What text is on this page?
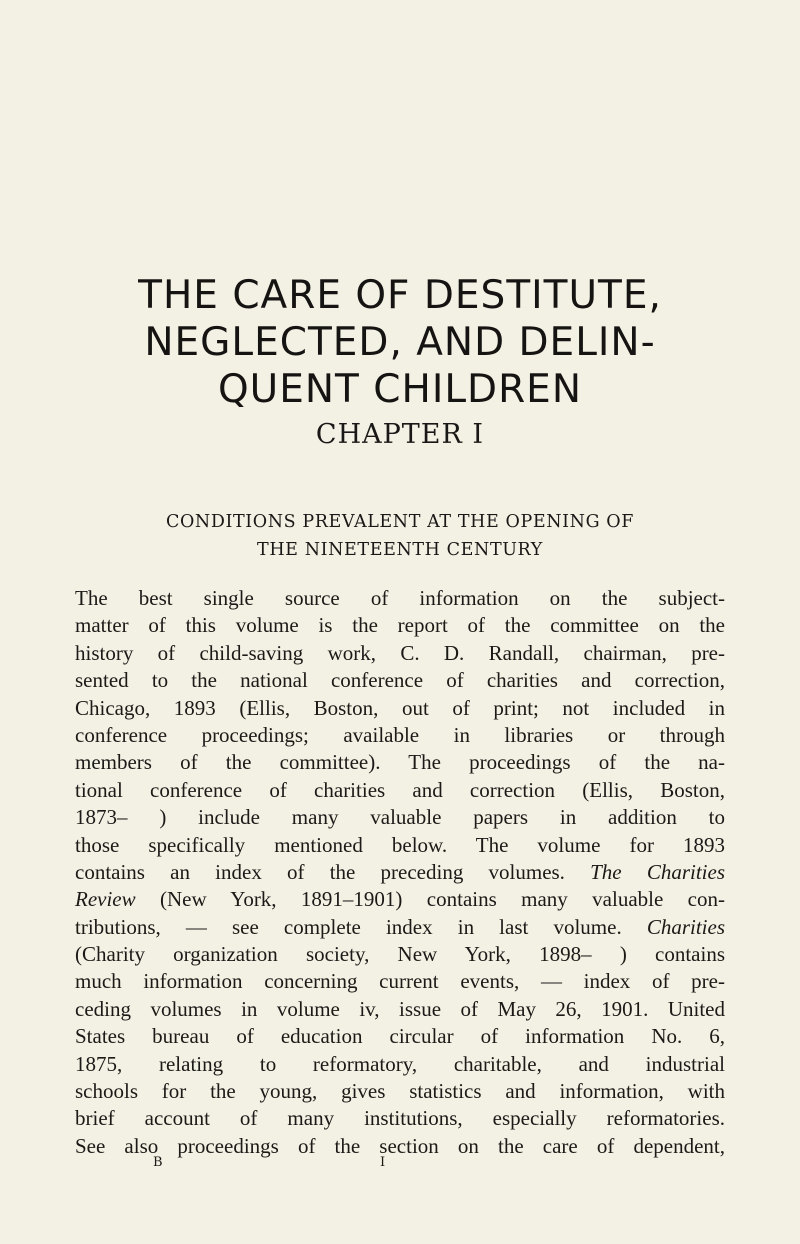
THE CARE OF DESTITUTE,
NEGLECTED, AND DELIN-
QUENT CHILDREN
CHAPTER I
CONDITIONS PREVALENT AT THE OPENING OF
THE NINETEENTH CENTURY
The best single source of information on the subject-
matter of this volume is the report of the committee on the
history of child-saving work, C. D. Randall, chairman, pre-
sented to the national conference of charities and correction,
Chicago, 1893 (Ellis, Boston, out of print; not included in
conference proceedings; available in libraries or through
members of the committee). The proceedings of the na-
tional conference of charities and correction (Ellis, Boston,
1873– ) include many valuable papers in addition to
those specifically mentioned below. The volume for 1893
contains an index of the preceding volumes. The Charities
Review (New York, 1891–1901) contains many valuable con-
tributions, — see complete index in last volume. Charities
(Charity organization society, New York, 1898– ) contains
much information concerning current events, — index of pre-
ceding volumes in volume iv, issue of May 26, 1901. United
States bureau of education circular of information No. 6,
1875, relating to reformatory, charitable, and industrial
schools for the young, gives statistics and information, with
brief account of many institutions, especially reformatories.
See also proceedings of the section on the care of dependent,
B	I
